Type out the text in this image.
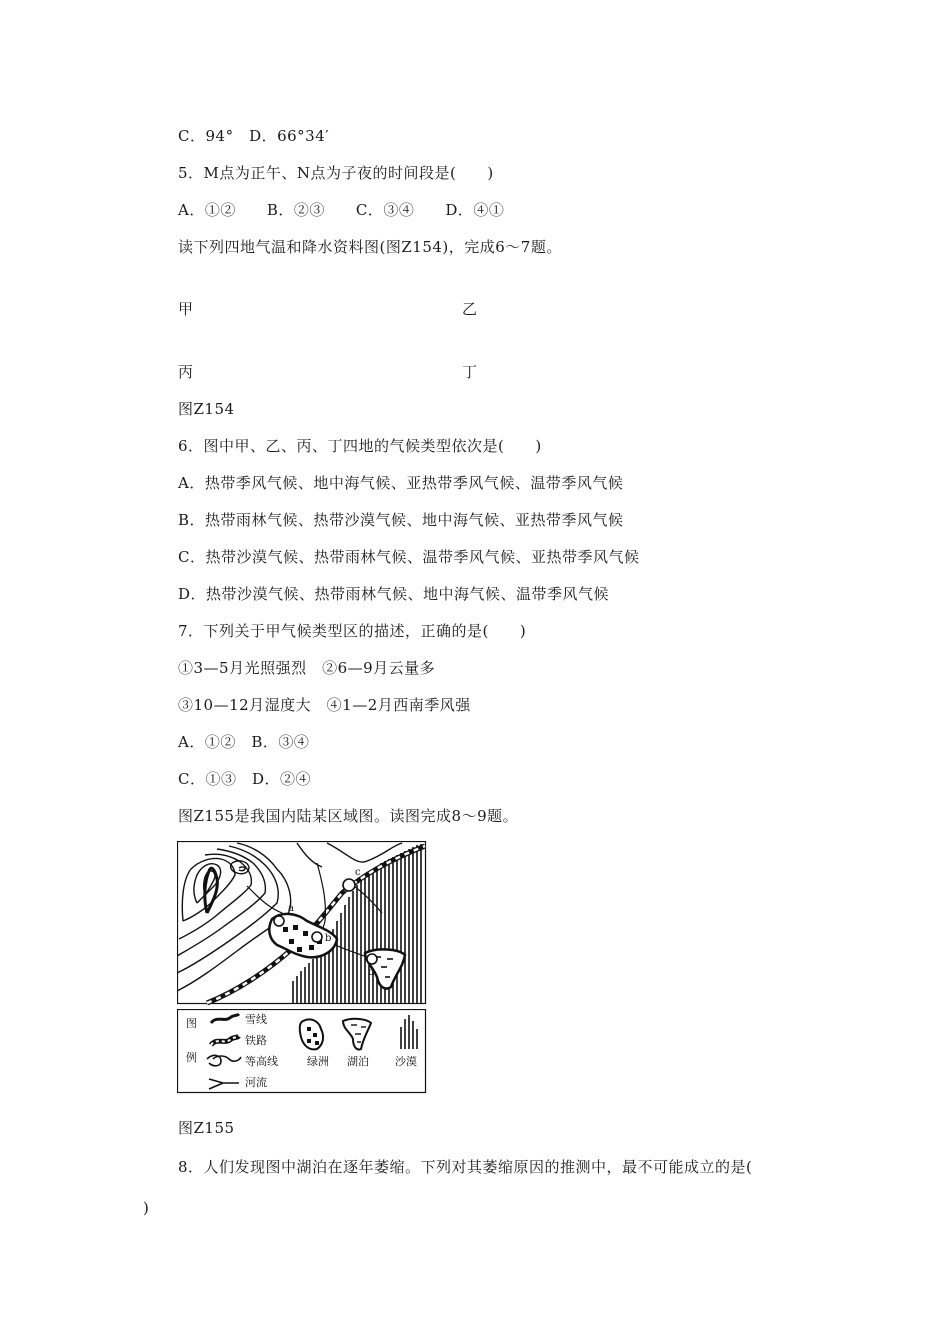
C．94°　D．66°34′
5．M点为正午、N点为子夜的时间段是(　　)
A．①②　　B．②③　　C．③④　　D．④①
读下列四地气温和降水资料图(图Z154)，完成6～7题。
甲	乙
丙	丁
图Z154
6．图中甲、乙、丙、丁四地的气候类型依次是(　　)
A．热带季风气候、地中海气候、亚热带季风气候、温带季风气候
B．热带雨林气候、热带沙漠气候、地中海气候、亚热带季风气候
C．热带沙漠气候、热带雨林气候、温带季风气候、亚热带季风气候
D．热带沙漠气候、热带雨林气候、地中海气候、温带季风气候
7．下列关于甲气候类型区的描述，正确的是(　　)
①3—5月光照强烈　②6—9月云量多
③10—12月湿度大　④1—2月西南季风强
A．①②　B．③④
C．①③　D．②④
图Z155是我国内陆某区域图。读图完成8～9题。
a
b
c
d
图
例
雪线
铁路
等高线
河流
绿洲 湖泊 沙漠
图Z155
8．人们发现图中湖泊在逐年萎缩。下列对其萎缩原因的推测中，最不可能成立的是(
)
